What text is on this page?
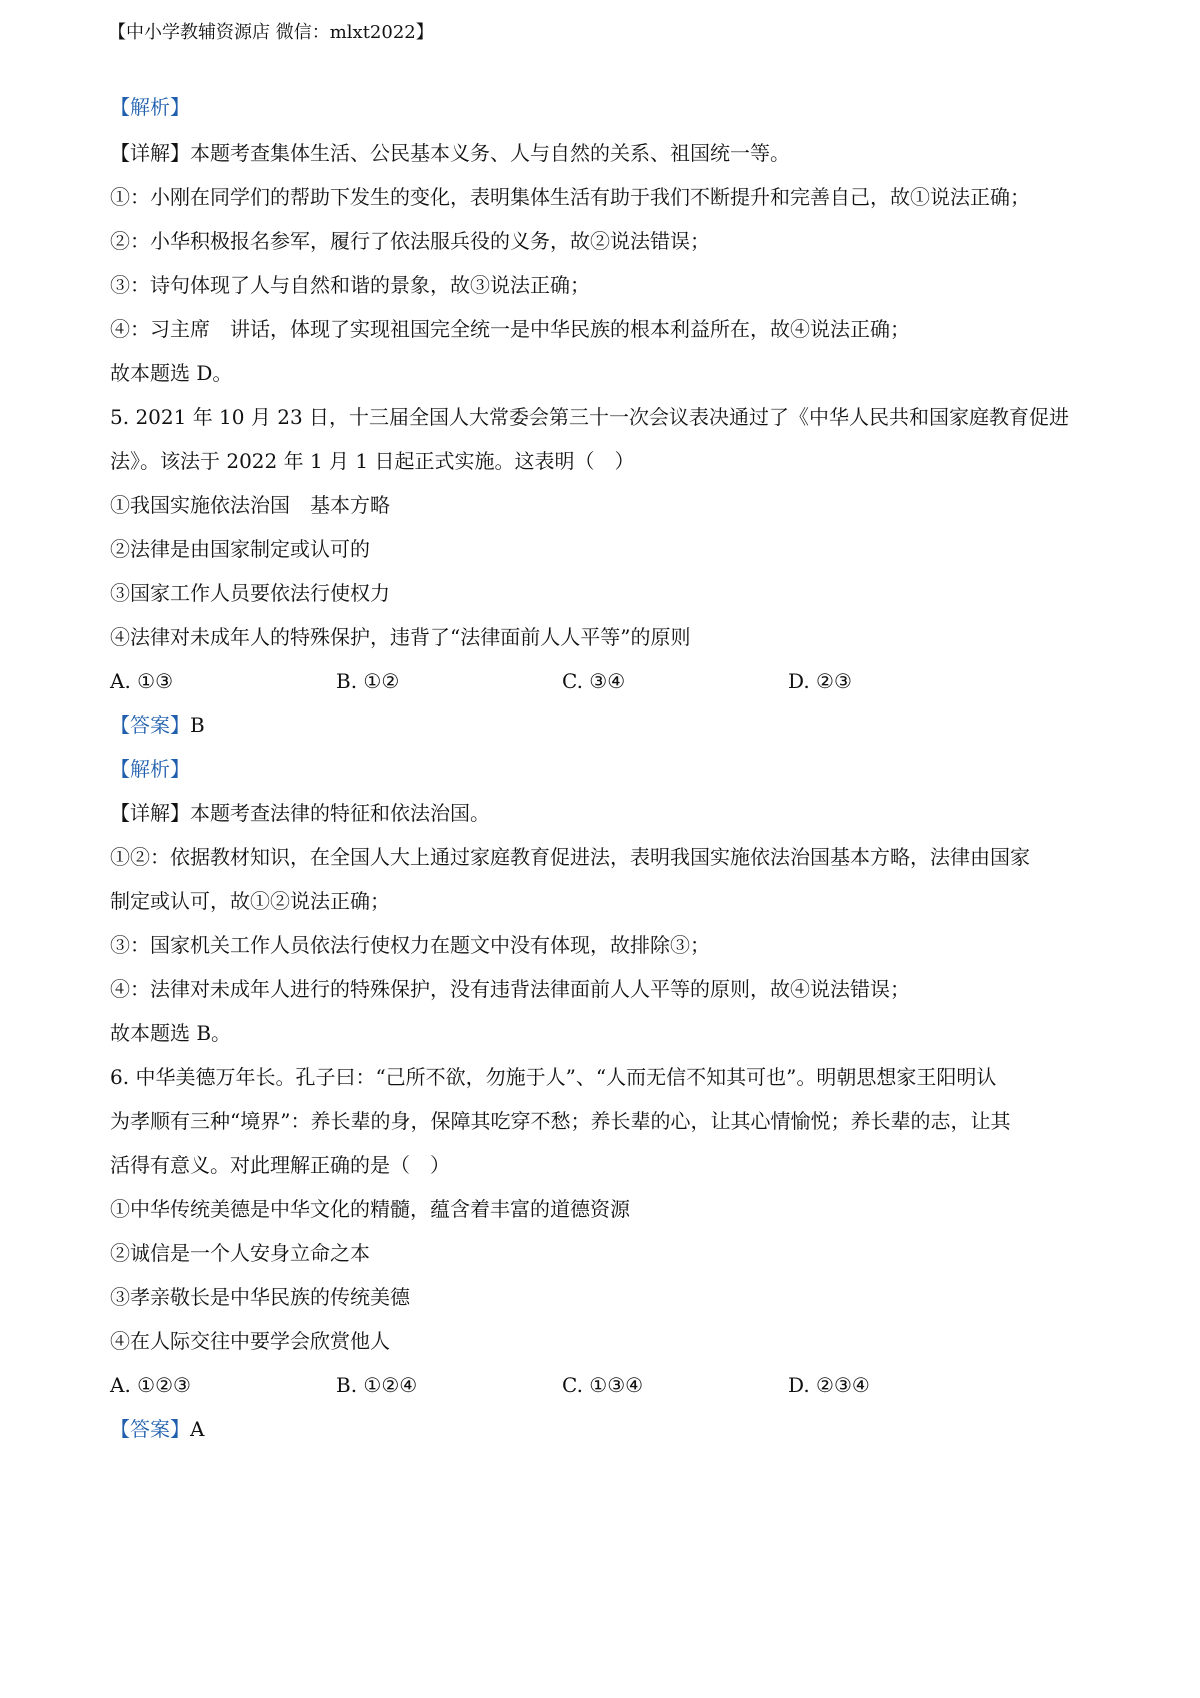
【中小学教辅资源店 微信：mlxt2022】
【解析】
【详解】本题考查集体生活、公民基本义务、人与自然的关系、祖国统一等。
①：小刚在同学们的帮助下发生的变化，表明集体生活有助于我们不断提升和完善自己，故①说法正确；
②：小华积极报名参军，履行了依法服兵役的义务，故②说法错误；
③：诗句体现了人与自然和谐的景象，故③说法正确；
④：习主席　讲话，体现了实现祖国完全统一是中华民族的根本利益所在，故④说法正确；
故本题选 D。
5. 2021 年 10 月 23 日，十三届全国人大常委会第三十一次会议表决通过了《中华人民共和国家庭教育促进
法》。该法于 2022 年 1 月 1 日起正式实施。这表明（　）
①我国实施依法治国　基本方略
②法律是由国家制定或认可的
③国家工作人员要依法行使权力
④法律对未成年人的特殊保护，违背了“法律面前人人平等”的原则
A. ①③	B. ①②	C. ③④	D. ②③
【答案】B
【解析】
【详解】本题考查法律的特征和依法治国。
①②：依据教材知识，在全国人大上通过家庭教育促进法，表明我国实施依法治国基本方略，法律由国家
制定或认可，故①②说法正确；
③：国家机关工作人员依法行使权力在题文中没有体现，故排除③；
④：法律对未成年人进行的特殊保护，没有违背法律面前人人平等的原则，故④说法错误；
故本题选 B。
6. 中华美德万年长。孔子曰：“己所不欲，勿施于人”、“人而无信不知其可也”。明朝思想家王阳明认
为孝顺有三种“境界”：养长辈的身，保障其吃穿不愁；养长辈的心，让其心情愉悦；养长辈的志，让其
活得有意义。对此理解正确的是（　）
①中华传统美德是中华文化的精髓，蕴含着丰富的道德资源
②诚信是一个人安身立命之本
③孝亲敬长是中华民族的传统美德
④在人际交往中要学会欣赏他人
A. ①②③	B. ①②④	C. ①③④	D. ②③④
【答案】A
